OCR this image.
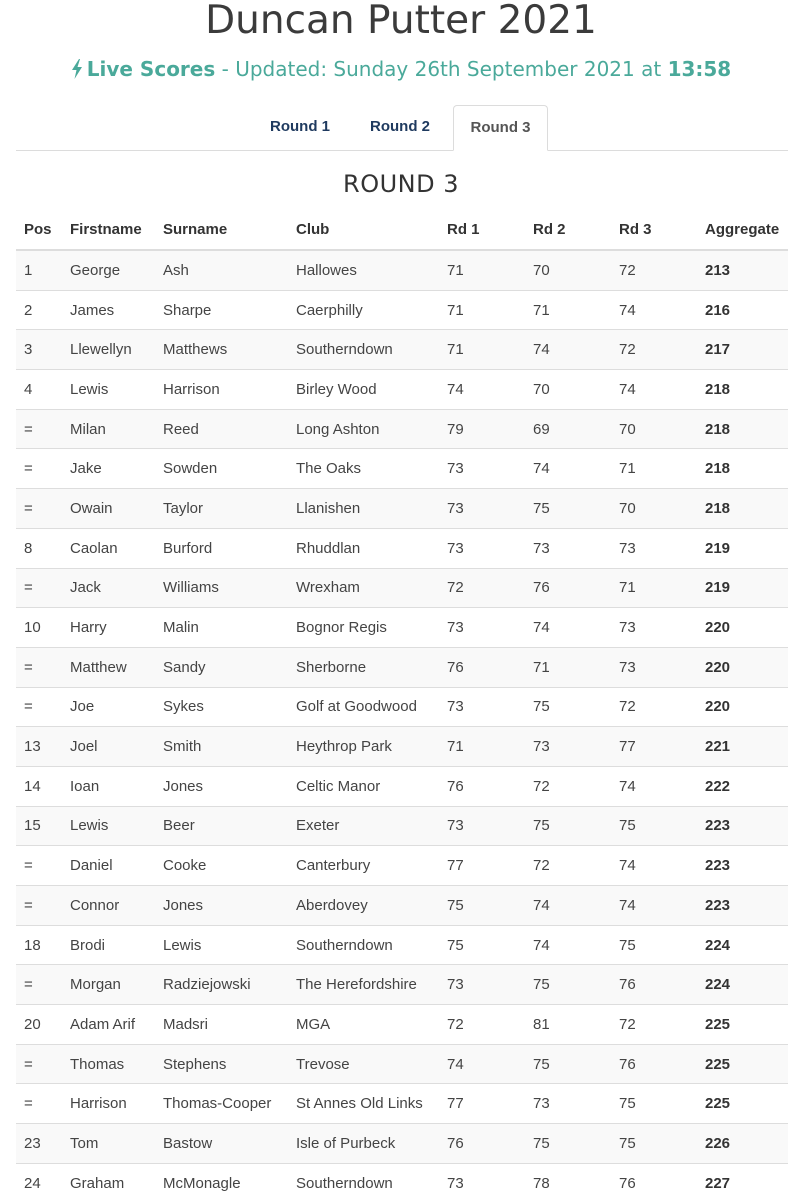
Duncan Putter 2021
Live Scores - Updated: Sunday 26th September 2021 at 13:58
Round 1	Round 2	Round 3
ROUND 3
Pos	Firstname	Surname	Club	Rd 1	Rd 2	Rd 3	Aggregate
1	George	Ash	Hallowes	71	70	72	213
2	James	Sharpe	Caerphilly	71	71	74	216
3	Llewellyn	Matthews	Southerndown	71	74	72	217
4	Lewis	Harrison	Birley Wood	74	70	74	218
=	Milan	Reed	Long Ashton	79	69	70	218
=	Jake	Sowden	The Oaks	73	74	71	218
=	Owain	Taylor	Llanishen	73	75	70	218
8	Caolan	Burford	Rhuddlan	73	73	73	219
=	Jack	Williams	Wrexham	72	76	71	219
10	Harry	Malin	Bognor Regis	73	74	73	220
=	Matthew	Sandy	Sherborne	76	71	73	220
=	Joe	Sykes	Golf at Goodwood	73	75	72	220
13	Joel	Smith	Heythrop Park	71	73	77	221
14	Ioan	Jones	Celtic Manor	76	72	74	222
15	Lewis	Beer	Exeter	73	75	75	223
=	Daniel	Cooke	Canterbury	77	72	74	223
=	Connor	Jones	Aberdovey	75	74	74	223
18	Brodi	Lewis	Southerndown	75	74	75	224
=	Morgan	Radziejowski	The Herefordshire	73	75	76	224
20	Adam Arif	Madsri	MGA	72	81	72	225
=	Thomas	Stephens	Trevose	74	75	76	225
=	Harrison	Thomas-Cooper	St Annes Old Links	77	73	75	225
23	Tom	Bastow	Isle of Purbeck	76	75	75	226
24	Graham	McMonagle	Southerndown	73	78	76	227
